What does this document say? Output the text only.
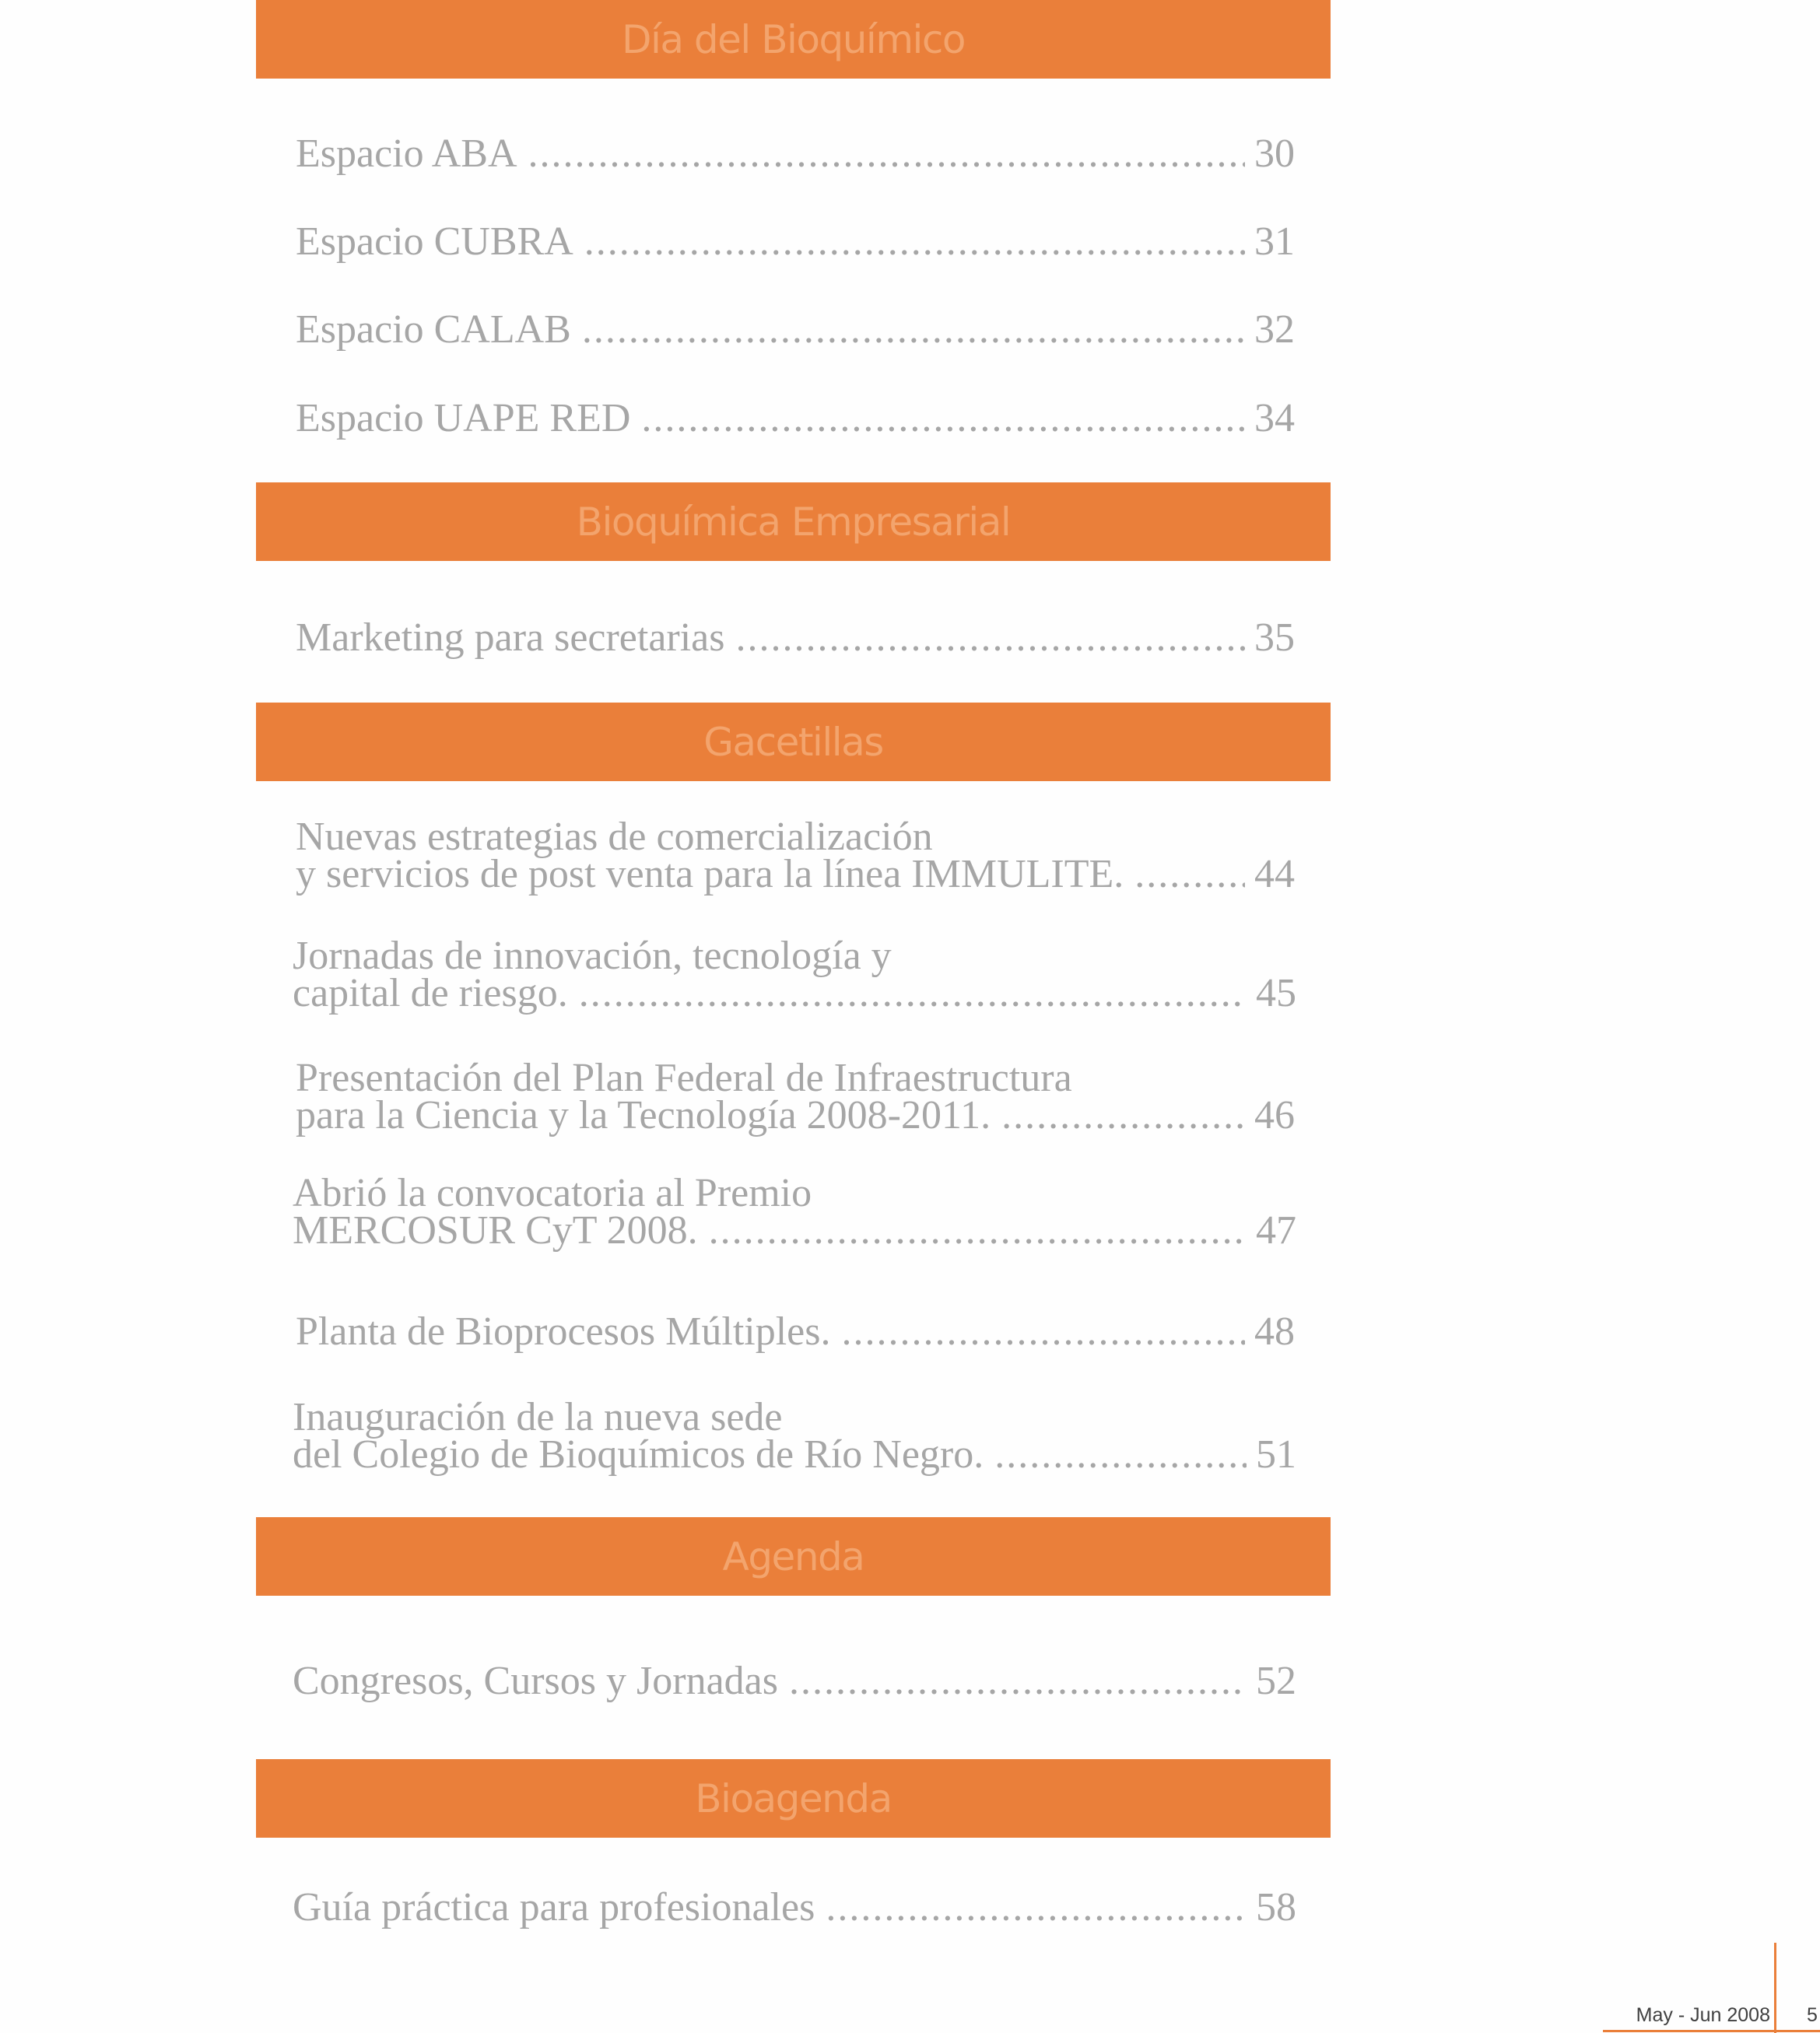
Día del Bioquímico
Bioquímica Empresarial
Gacetillas
Agenda
Bioagenda
Espacio ABA .....	30
Espacio CUBRA .....	31
Espacio CALAB .....	32
Espacio UAPE RED .....	34
Marketing para secretarias .....	35
Nuevas estrategias de comercialización
y servicios de post venta para la línea IMMULITE. .....	44
Jornadas de innovación, tecnología y
capital de riesgo. .....	45
Presentación del Plan Federal de Infraestructura
para la Ciencia y la Tecnología 2008-2011. .....	46
Abrió la convocatoria al Premio
MERCOSUR CyT 2008. .....	47
Planta de Bioprocesos Múltiples. .....	48
Inauguración de la nueva sede
del Colegio de Bioquímicos de Río Negro. .....	51
Congresos, Cursos y Jornadas .....	52
Guía práctica para profesionales .....	58
May - Jun 2008 5
